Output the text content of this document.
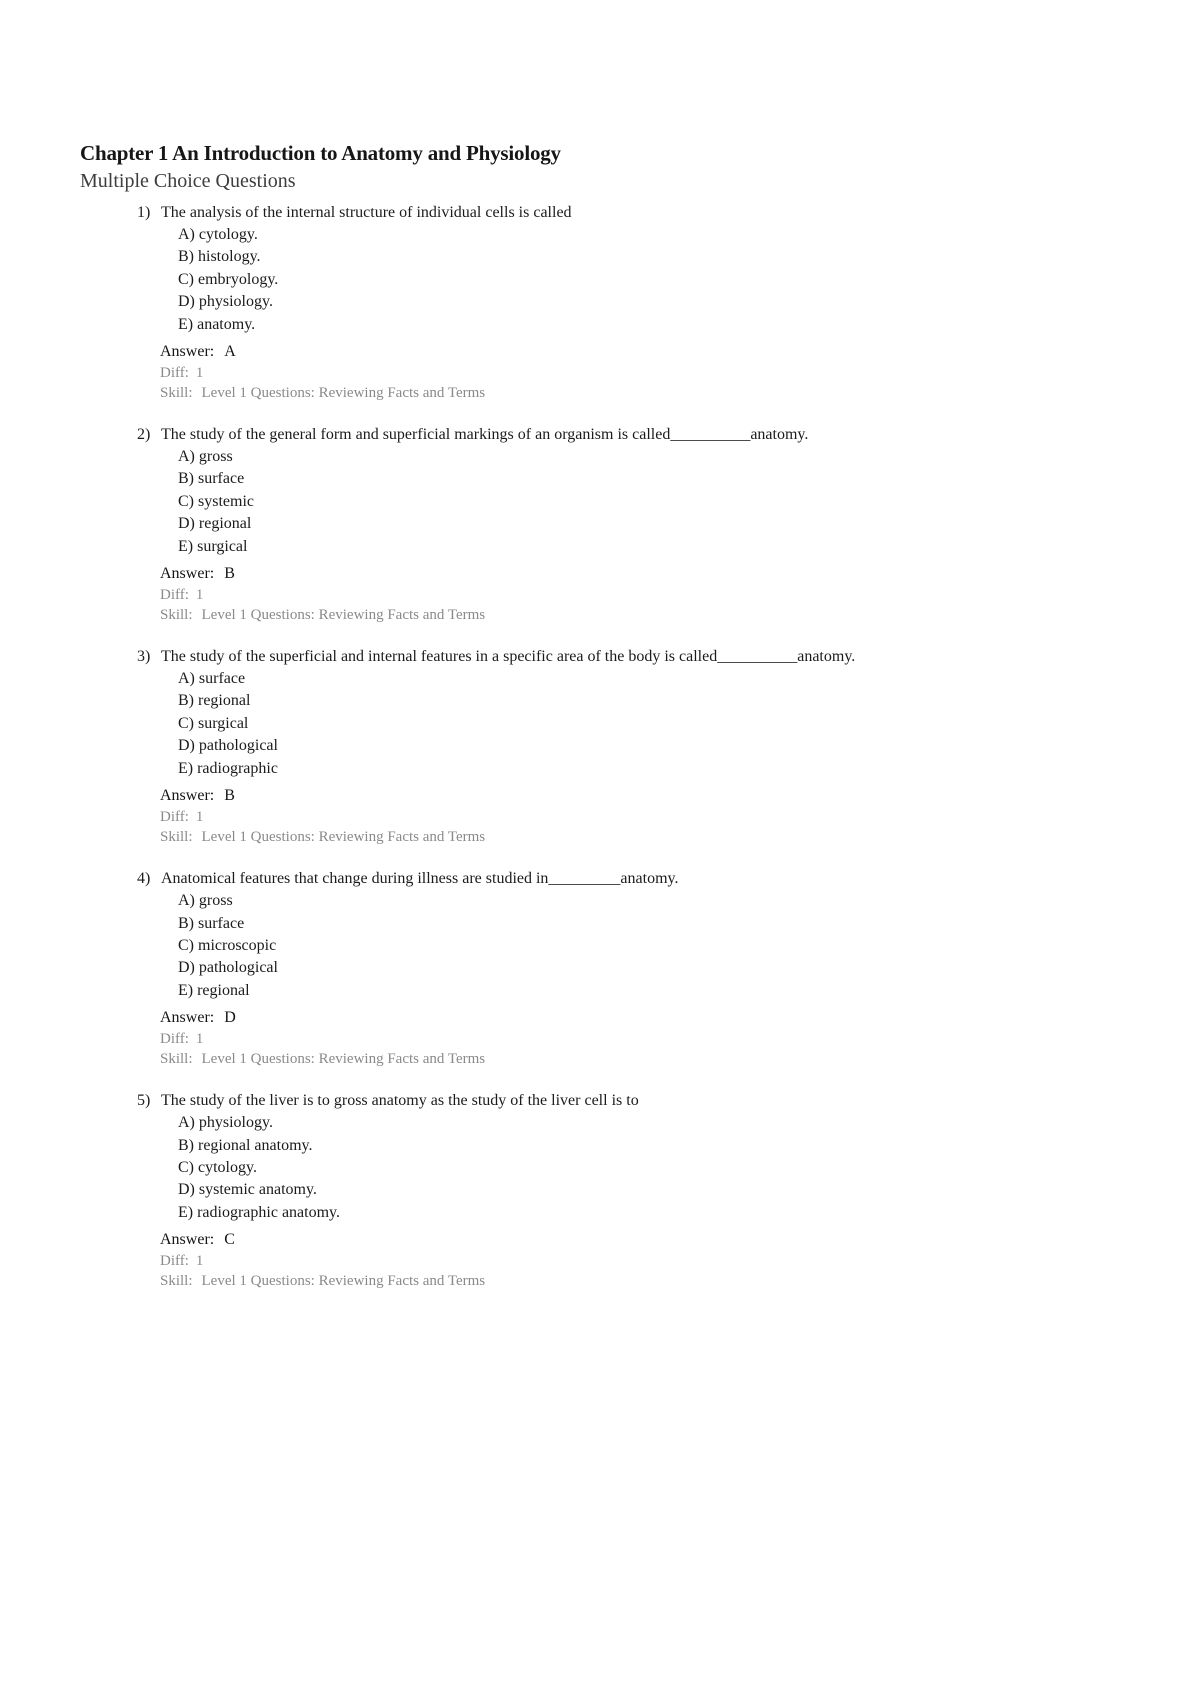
Chapter 1 An Introduction to Anatomy and Physiology
Multiple Choice Questions
1) The analysis of the internal structure of individual cells is called
A) cytology.
B) histology.
C) embryology.
D) physiology.
E) anatomy.
Answer: A
Diff: 1
Skill: Level 1 Questions: Reviewing Facts and Terms
2) The study of the general form and superficial markings of an organism is called__________anatomy.
A) gross
B) surface
C) systemic
D) regional
E) surgical
Answer: B
Diff: 1
Skill: Level 1 Questions: Reviewing Facts and Terms
3) The study of the superficial and internal features in a specific area of the body is called__________anatomy.
A) surface
B) regional
C) surgical
D) pathological
E) radiographic
Answer: B
Diff: 1
Skill: Level 1 Questions: Reviewing Facts and Terms
4) Anatomical features that change during illness are studied in_________anatomy.
A) gross
B) surface
C) microscopic
D) pathological
E) regional
Answer: D
Diff: 1
Skill: Level 1 Questions: Reviewing Facts and Terms
5) The study of the liver is to gross anatomy as the study of the liver cell is to
A) physiology.
B) regional anatomy.
C) cytology.
D) systemic anatomy.
E) radiographic anatomy.
Answer: C
Diff: 1
Skill: Level 1 Questions: Reviewing Facts and Terms
